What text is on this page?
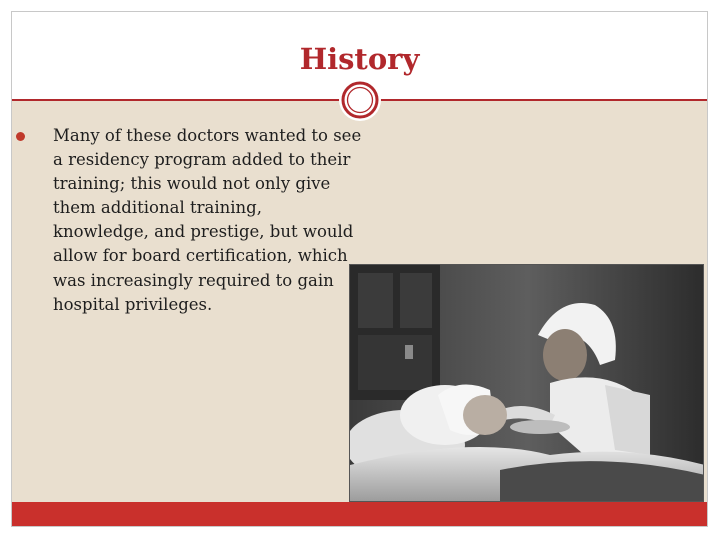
History
Many of these doctors wanted to see a residency program added to their training; this would not only give them additional training, knowledge, and prestige, but would allow for board certification, which was increasingly required to gain hospital privileges.
